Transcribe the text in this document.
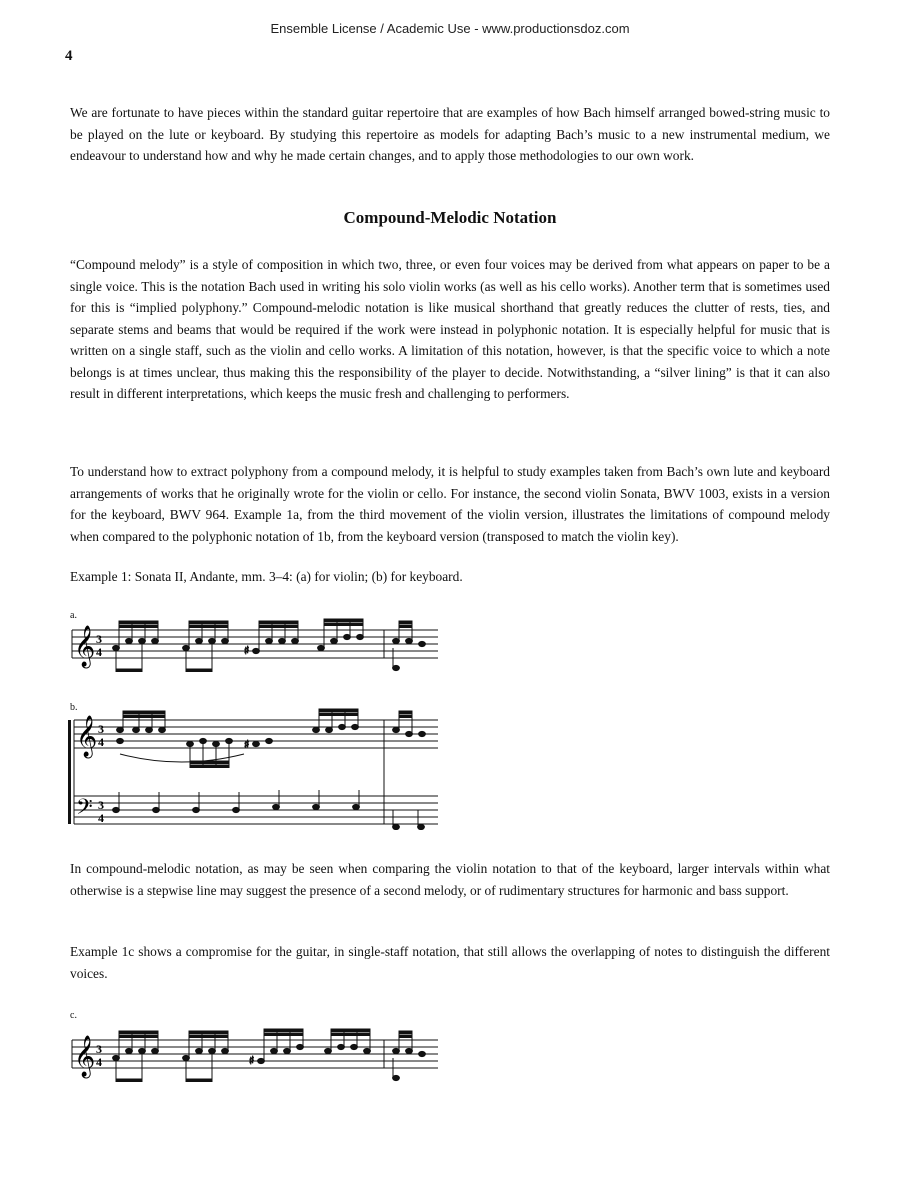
Ensemble License / Academic Use - www.productionsdoz.com
4

We are fortunate to have pieces within the standard guitar repertoire that are examples of how Bach himself arranged bowed-string music to be played on the lute or keyboard. By studying this repertoire as models for adapting Bach’s music to a new instrumental medium, we endeavour to understand how and why he made certain changes, and to apply those methodologies to our own work.

Compound-Melodic Notation

“Compound melody” is a style of composition in which two, three, or even four voices may be derived from what appears on paper to be a single voice. This is the notation Bach used in writing his solo violin works (as well as his cello works). Another term that is sometimes used for this is “implied polyphony.” Compound-melodic notation is like musical shorthand that greatly reduces the clutter of rests, ties, and separate stems and beams that would be required if the work were instead in polyphonic notation. It is especially helpful for music that is written on a single staff, such as the violin and cello works. A limitation of this notation, however, is that the specific voice to which a note belongs is at times unclear, thus making this the responsibility of the player to decide. Notwithstanding, a “silver lining” is that it can also result in different interpretations, which keeps the music fresh and challenging to performers.

To understand how to extract polyphony from a compound melody, it is helpful to study examples taken from Bach’s own lute and keyboard arrangements of works that he originally wrote for the violin or cello. For instance, the second violin Sonata, BWV 1003, exists in a version for the keyboard, BWV 964. Example 1a, from the third movement of the violin version, illustrates the limitations of compound melody when compared to the polyphonic notation of 1b, from the keyboard version (transposed to match the violin key).

Example 1: Sonata II, Andante, mm. 3–4: (a) for violin; (b) for keyboard.

a.
𝄞 3
4	♯
b.
𝄞
𝄢
3
4
3
4
♯

In compound-melodic notation, as may be seen when comparing the violin notation to that of the keyboard, larger intervals within what otherwise is a stepwise line may suggest the presence of a second melody, or of rudimentary structures for harmonic and bass support.

Example 1c shows a compromise for the guitar, in single-staff notation, that still allows the overlapping of notes to distinguish the different voices.

c.
𝄞 3
4	♯
